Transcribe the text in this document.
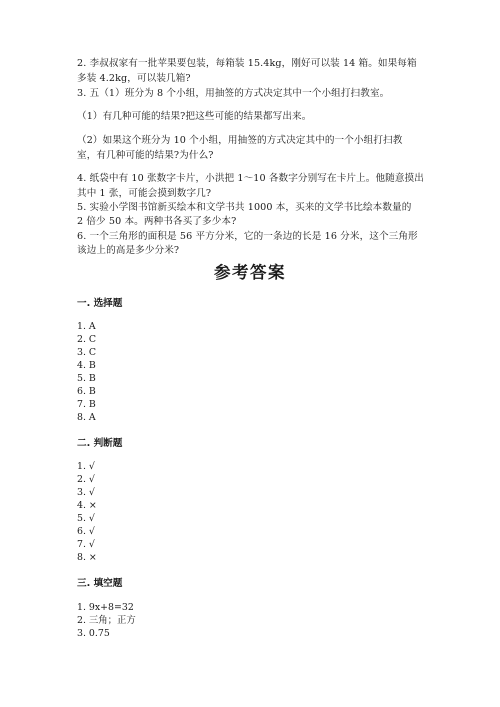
2. 李叔叔家有一批苹果要包装，每箱装 15.4kg，刚好可以装 14 箱。如果每箱
多装 4.2kg，可以装几箱?
3. 五（1）班分为 8 个小组，用抽签的方式决定其中一个小组打扫教室。
（1）有几种可能的结果?把这些可能的结果都写出来。
（2）如果这个班分为 10 个小组，用抽签的方式决定其中的一个小组打扫教
室，有几种可能的结果?为什么?
4. 纸袋中有 10 张数字卡片，小洪把 1～10 各数字分别写在卡片上。他随意摸出
其中 1 张，可能会摸到数字几?
5. 实验小学图书馆新买绘本和文学书共 1000 本，买来的文学书比绘本数量的
2 倍少 50 本。两种书各买了多少本?
6. 一个三角形的面积是 56 平方分米，它的一条边的长是 16 分米，这个三角形
该边上的高是多少分米?
参考答案
一. 选择题
1. A
2. C
3. C
4. B
5. B
6. B
7. B
8. A
二. 判断题
1. √
2. √
3. √
4. ×
5. √
6. √
7. √
8. ×
三. 填空题
1. 9x+8=32
2. 三角；正方
3. 0.75
